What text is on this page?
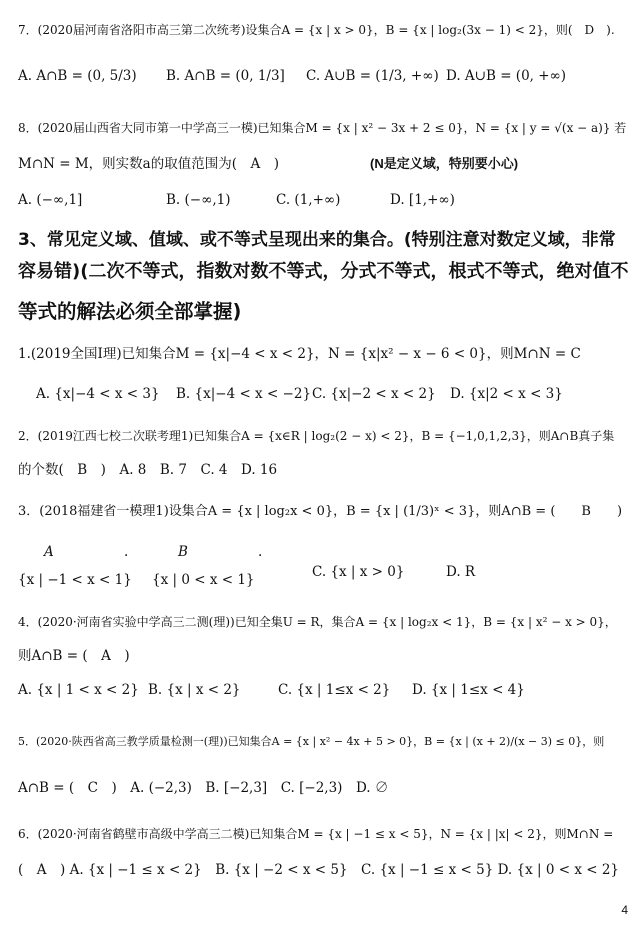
7．(2020届河南省洛阳市高三第二次统考)设集合A = {x | x > 0}，B = {x | log₂(3x − 1) < 2}，则(　D　).
A. A∩B = (0, 5/3) B. A∩B = (0, 1/3] C. A∪B = (1/3, +∞) D. A∪B = (0, +∞)
8．(2020届山西省大同市第一中学高三一模)已知集合M = {x | x² − 3x + 2 ≤ 0}，N = {x | y = √(x − a)} 若
M∩N = M，则实数a的取值范围为(　A　)	(N是定义域，特别要小心)
A. (−∞,1]	B. (−∞,1)	C. (1,+∞)	D. [1,+∞)
3、常见定义域、值域、或不等式呈现出来的集合。(特别注意对数定义域，非常
容易错)(二次不等式，指数对数不等式，分式不等式，根式不等式，绝对值不
等式的解法必须全部掌握)
1.(2019全国Ⅰ理)已知集合M = {x|−4 < x < 2}，N = {x|x² − x − 6 < 0}，则M∩N = C
A. {x|−4 < x < 3} B. {x|−4 < x < −2} C. {x|−2 < x < 2} D. {x|2 < x < 3}
2．(2019江西七校二次联考理1)已知集合A = {x∈R | log₂(2 − x) < 2}，B = {−1,0,1,2,3}，则A∩B真子集
的个数(　B　)　A. 8　B. 7　C. 4　D. 16
3．(2018福建省一模理1)设集合A = {x | log₂x < 0}，B = {x | (1/3)ˣ < 3}，则A∩B = (　　B　　)
A	.	B	.
{x | −1 < x < 1} {x | 0 < x < 1}	C. {x | x > 0}	D. R
4．(2020·河南省实验中学高三二测(理))已知全集U = R，集合A = {x | log₂x < 1}，B = {x | x² − x > 0}，
则A∩B = (　A　)
A. {x | 1 < x < 2} B. {x | x < 2}	C. {x | 1≤x < 2} D. {x | 1≤x < 4}
5．(2020·陕西省高三教学质量检测一(理))已知集合A = {x | x² − 4x + 5 > 0}，B = {x | (x + 2)/(x − 3) ≤ 0}，则
A∩B = (　C　)　A. (−2,3)　B. [−2,3]　C. [−2,3)　D. ∅
6．(2020·河南省鹤壁市高级中学高三二模)已知集合M = {x | −1 ≤ x < 5}，N = {x | |x| < 2}，则M∩N =
(　A　) A. {x | −1 ≤ x < 2}　B. {x | −2 < x < 5}　C. {x | −1 ≤ x < 5} D. {x | 0 < x < 2}
4
